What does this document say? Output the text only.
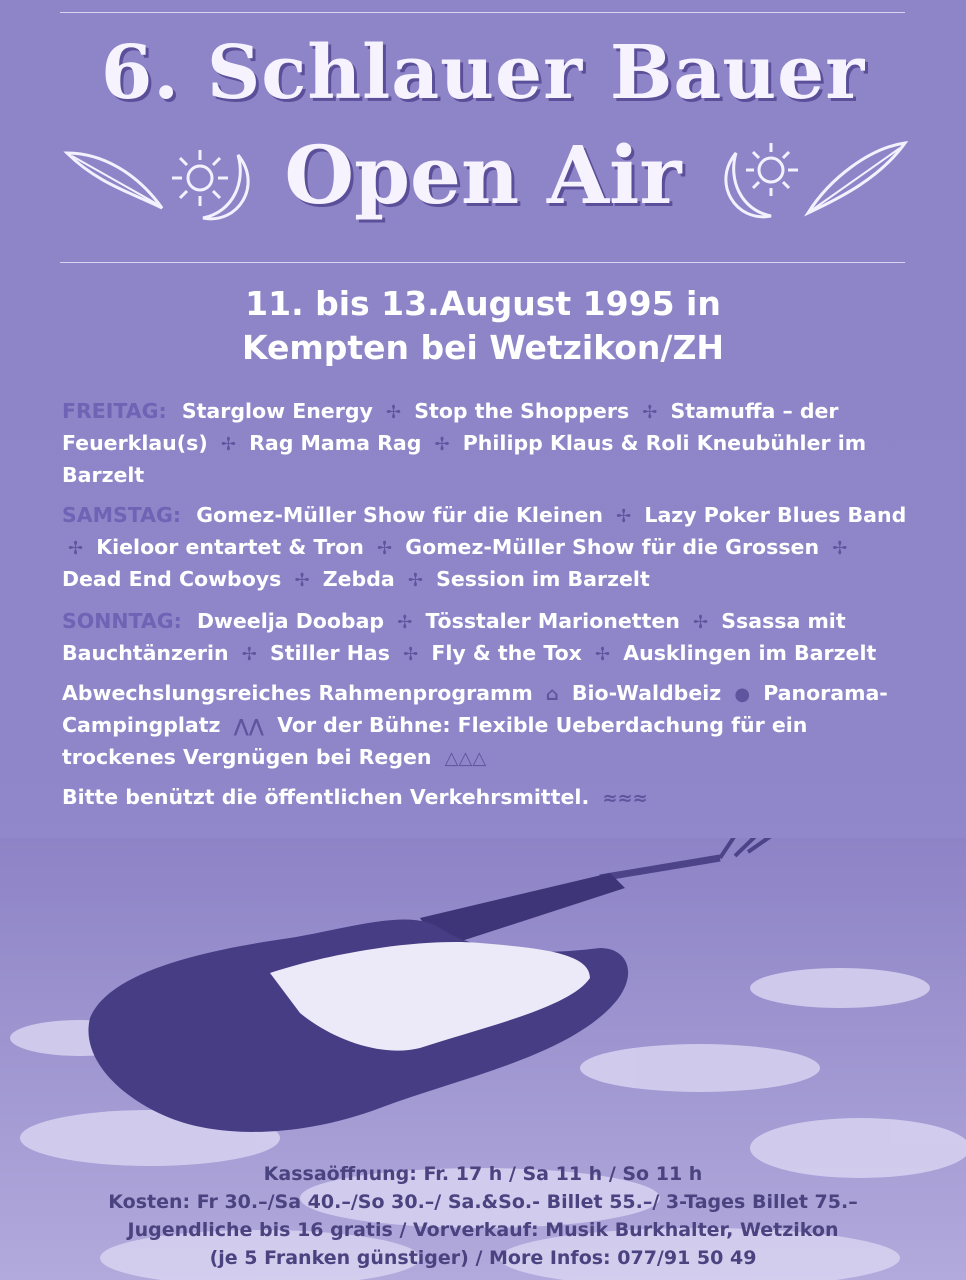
6. Schlauer Bauer
Open Air
11. bis 13.August 1995 in
Kempten bei Wetzikon/ZH
FREITAG: Starglow Energy ✢ Stop the Shoppers ✢ Stamuffa – der Feuerklau(s) ✢ Rag Mama Rag ✢ Philipp Klaus & Roli Kneubühler im Barzelt
SAMSTAG: Gomez-Müller Show für die Kleinen ✢ Lazy Poker Blues Band ✢ Kieloor entartet & Tron ✢ Gomez-Müller Show für die Grossen ✢ Dead End Cowboys ✢ Zebda ✢ Session im Barzelt
SONNTAG: Dweelja Doobap ✢ Tösstaler Marionetten ✢ Ssassa mit Bauchtänzerin ✢ Stiller Has ✢ Fly & the Tox ✢ Ausklingen im Barzelt
Abwechslungsreiches Rahmenprogramm ⌂ Bio-Waldbeiz ● Panorama-Campingplatz ⋀⋀ Vor der Bühne: Flexible Ueberdachung für ein trockenes Vergnügen bei Regen △△△
Bitte benützt die öffentlichen Verkehrsmittel. ≈≈≈
Kassaöffnung: Fr. 17 h / Sa 11 h / So 11 h
Kosten: Fr 30.–/Sa 40.–/So 30.–/ Sa.&So.- Billet 55.–/ 3-Tages Billet 75.–
Jugendliche bis 16 gratis / Vorverkauf: Musik Burkhalter, Wetzikon
(je 5 Franken günstiger) / More Infos: 077/91 50 49
